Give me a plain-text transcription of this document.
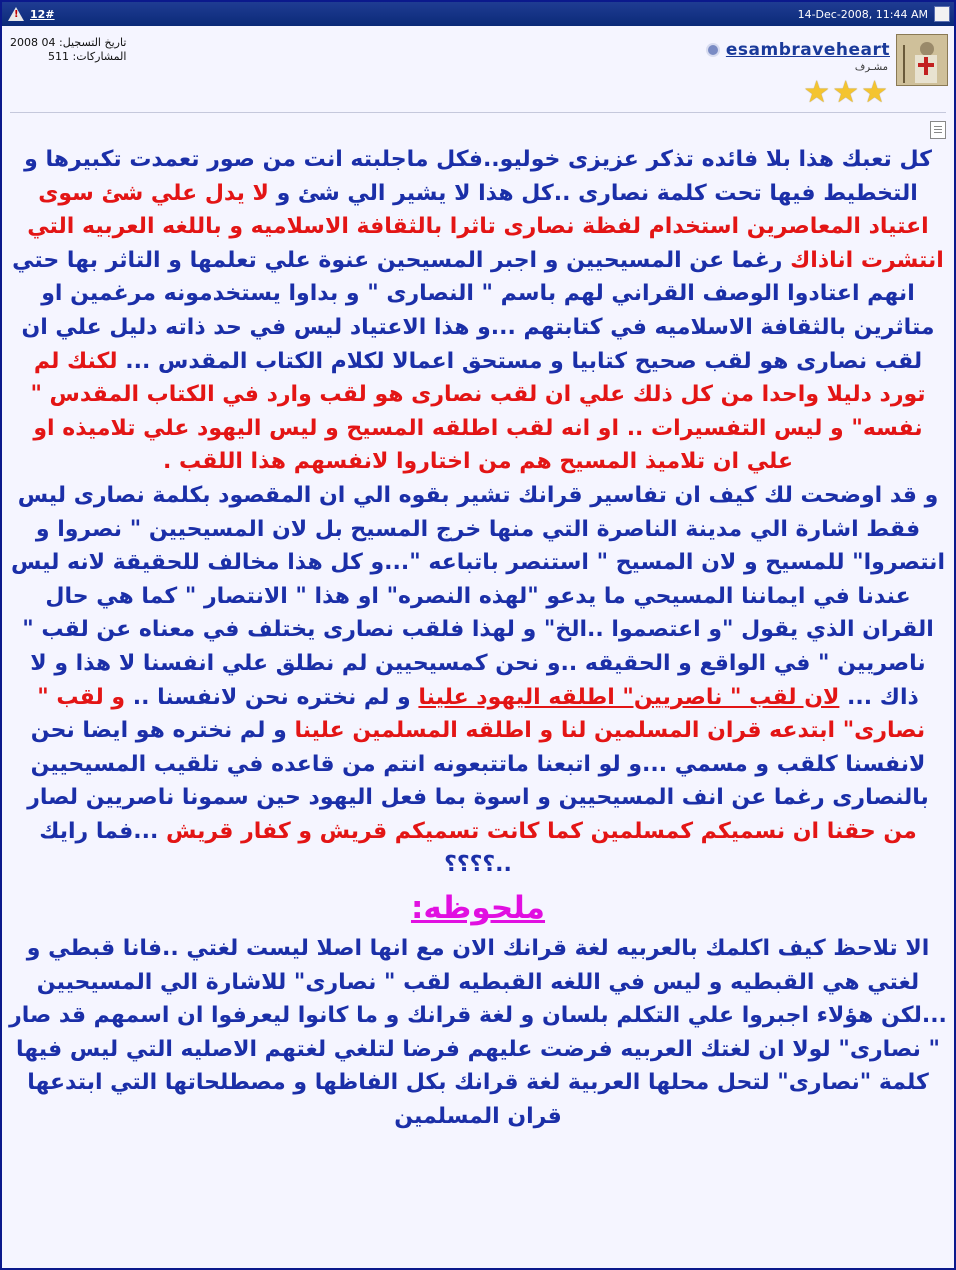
!
12#	14-Dec-2008, 11:44 AM
esambraveheart
مشـرف
★ ★ ★
تاريخ التسجيل: 04 2008
المشاركات: 511
كل تعبك هذا بلا فائده تذكر عزيزى خوليو..فكل ماجلبته انت من صور تعمدت تكبيرها و التخطيط فيها تحت كلمة نصارى ..كل هذا لا يشير الي شئ و لا يدل علي شئ سوى اعتياد المعاصرين استخدام لفظة نصارى تاثرا بالثقافة الاسلاميه و باللغه العربيه التي انتشرت اناذاك رغما عن المسيحيين و اجبر المسيحين عنوة علي تعلمها و التاثر بها حتي انهم اعتادوا الوصف القراني لهم باسم " النصارى " و بداوا يستخدمونه مرغمين او متاثرين بالثقافة الاسلاميه في كتابتهم ...و هذا الاعتياد ليس في حد ذاته دليل علي ان لقب نصارى هو لقب صحيح كتابيا و مستحق اعمالا لكلام الكتاب المقدس ... لكنك لم تورد دليلا واحدا من كل ذلك علي ان لقب نصارى هو لقب وارد في الكتاب المقدس " نفسه" و ليس التفسيرات .. او انه لقب اطلقه المسيح و ليس اليهود علي تلاميذه او علي ان تلاميذ المسيح هم من اختاروا لانفسهم هذا اللقب .
و قد اوضحت لك كيف ان تفاسير قرانك تشير بقوه الي ان المقصود بكلمة نصارى ليس فقط اشارة الي مدينة الناصرة التي منها خرج المسيح بل لان المسيحيين " نصروا و انتصروا" للمسيح و لان المسيح " استنصر باتباعه "...و كل هذا مخالف للحقيقة لانه ليس عندنا في ايماننا المسيحي ما يدعو "لهذه النصره" او هذا " الانتصار " كما هي حال القران الذي يقول "و اعتصموا ..الخ" و لهذا فلقب نصارى يختلف في معناه عن لقب " ناصريين " في الواقع و الحقيقه ..و نحن كمسيحيين لم نطلق علي انفسنا لا هذا و لا ذاك ... لان لقب " ناصريين" اطلقه اليهود علينا و لم نختره نحن لانفسنا .. و لقب " نصارى" ابتدعه قران المسلمين لنا و اطلقه المسلمين علينا و لم نختره هو ايضا نحن لانفسنا كلقب و مسمي ...و لو اتبعنا ماتتبعونه انتم من قاعده في تلقيب المسيحيين بالنصارى رغما عن انف المسيحيين و اسوة بما فعل اليهود حين سمونا ناصريين لصار من حقنا ان نسميكم كمسلمين كما كانت تسميكم قريش و كفار قريش ...فما رايك ..؟؟؟؟
ملحوظه:
الا تلاحظ كيف اكلمك بالعربيه لغة قرانك الان مع انها اصلا ليست لغتي ..فانا قبطي و لغتي هي القبطيه و ليس في اللغه القبطيه لقب " نصارى" للاشارة الي المسيحيين ...لكن هؤلاء اجبروا علي التكلم بلسان و لغة قرانك و ما كانوا ليعرفوا ان اسمهم قد صار " نصارى" لولا ان لغتك العربيه فرضت عليهم فرضا لتلغي لغتهم الاصليه التي ليس فيها كلمة "نصارى" لتحل محلها العربية لغة قرانك بكل الفاظها و مصطلحاتها التي ابتدعها قران المسلمين
